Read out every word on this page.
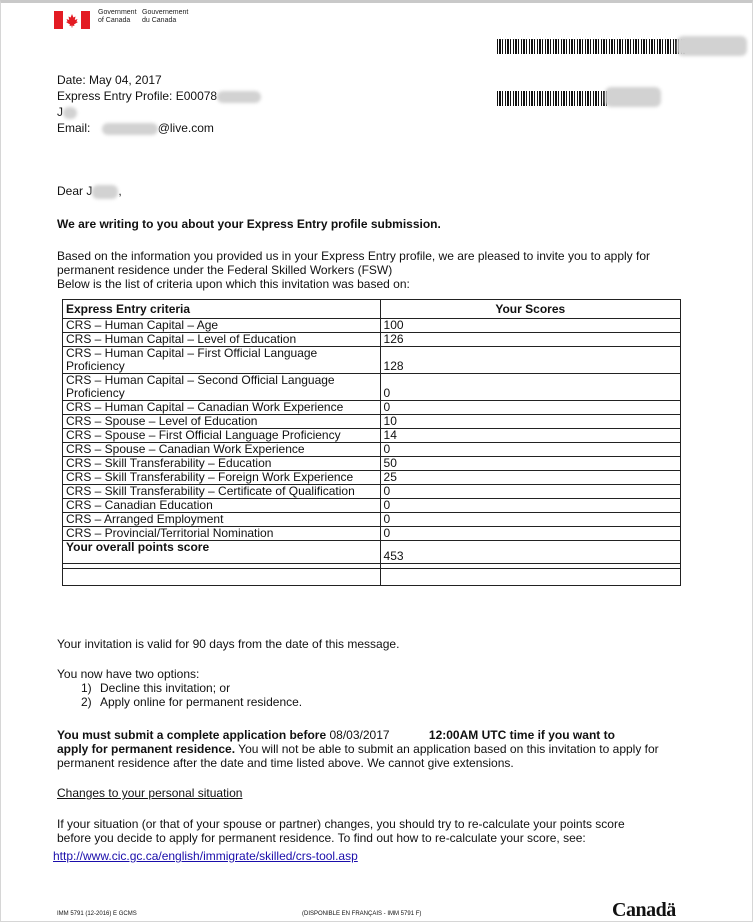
Government
of Canada
Gouvernement
du Canada
Date: May 04, 2017
Express Entry Profile: E00078
J
Email:	@live.com
Dear J ,
We are writing to you about your Express Entry profile submission.
Based on the information you provided us in your Express Entry profile, we are pleased to invite you to apply for
permanent residence under the Federal Skilled Workers (FSW)
Below is the list of criteria upon which this invitation was based on:
Express Entry criteria	Your Scores
CRS – Human Capital – Age	100
CRS – Human Capital – Level of Education	126
CRS – Human Capital – First Official Language Proficiency	128
CRS – Human Capital – Second Official Language Proficiency	0
CRS – Human Capital – Canadian Work Experience	0
CRS – Spouse – Level of Education	10
CRS – Spouse – First Official Language Proficiency	14
CRS – Spouse – Canadian Work Experience	0
CRS – Skill Transferability – Education	50
CRS – Skill Transferability – Foreign Work Experience	25
CRS – Skill Transferability – Certificate of Qualification	0
CRS – Canadian Education	0
CRS – Arranged Employment	0
CRS – Provincial/Territorial Nomination	0
Your overall points score	453

Your invitation is valid for 90 days from the date of this message.
You now have two options:
1) Decline this invitation; or
2) Apply online for permanent residence.
You must submit a complete application before 08/03/2017	12:00AM UTC time if you want to
apply for permanent residence. You will not be able to submit an application based on this invitation to apply for
permanent residence after the date and time listed above. We cannot give extensions.
Changes to your personal situation
If your situation (or that of your spouse or partner) changes, you should try to re-calculate your points score
before you decide to apply for permanent residence. To find out how to re-calculate your score, see:
http://www.cic.gc.ca/english/immigrate/skilled/crs-tool.asp
IMM 5791 (12-2016) E GCMS	(DISPONIBLE EN FRANÇAIS - IMM 5791 F)	Canadä
